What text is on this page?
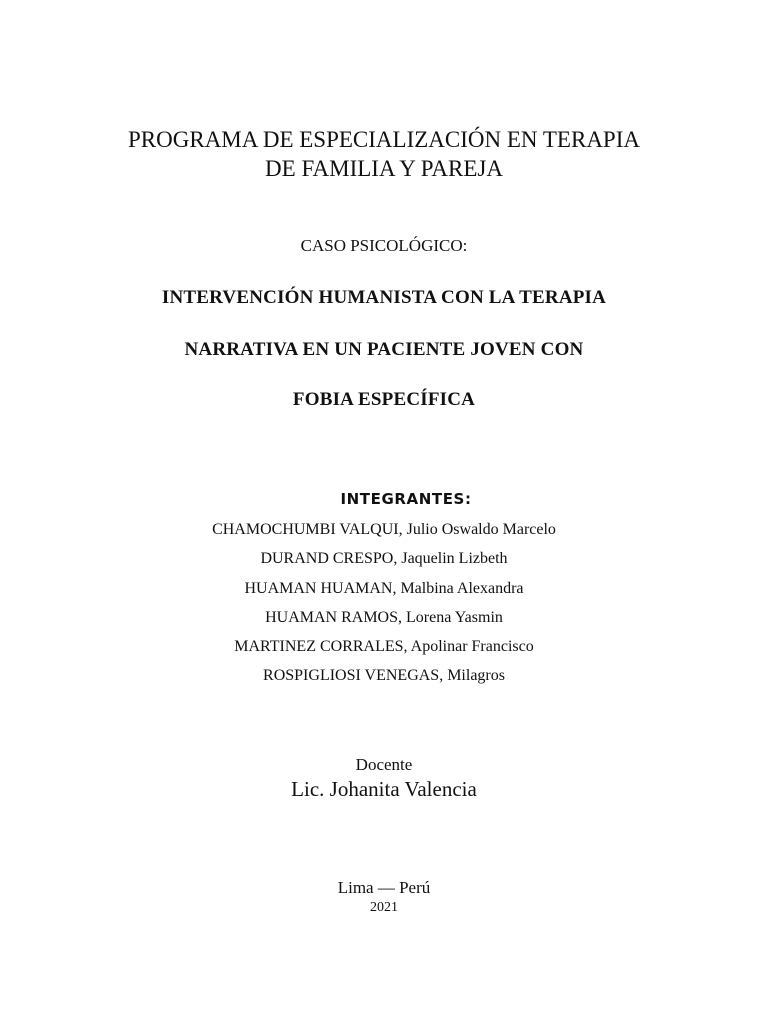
PROGRAMA DE ESPECIALIZACIÓN EN TERAPIA
DE FAMILIA Y PAREJA
CASO PSICOLÓGICO:
INTERVENCIÓN HUMANISTA CON LA TERAPIA
NARRATIVA EN UN PACIENTE JOVEN CON
FOBIA ESPECÍFICA
INTEGRANTES:
CHAMOCHUMBI VALQUI, Julio Oswaldo Marcelo
DURAND CRESPO, Jaquelin Lizbeth
HUAMAN HUAMAN, Malbina Alexandra
HUAMAN RAMOS, Lorena Yasmin
MARTINEZ CORRALES, Apolinar Francisco
ROSPIGLIOSI VENEGAS, Milagros
Docente
Lic. Johanita Valencia
Lima — Perú
2021
